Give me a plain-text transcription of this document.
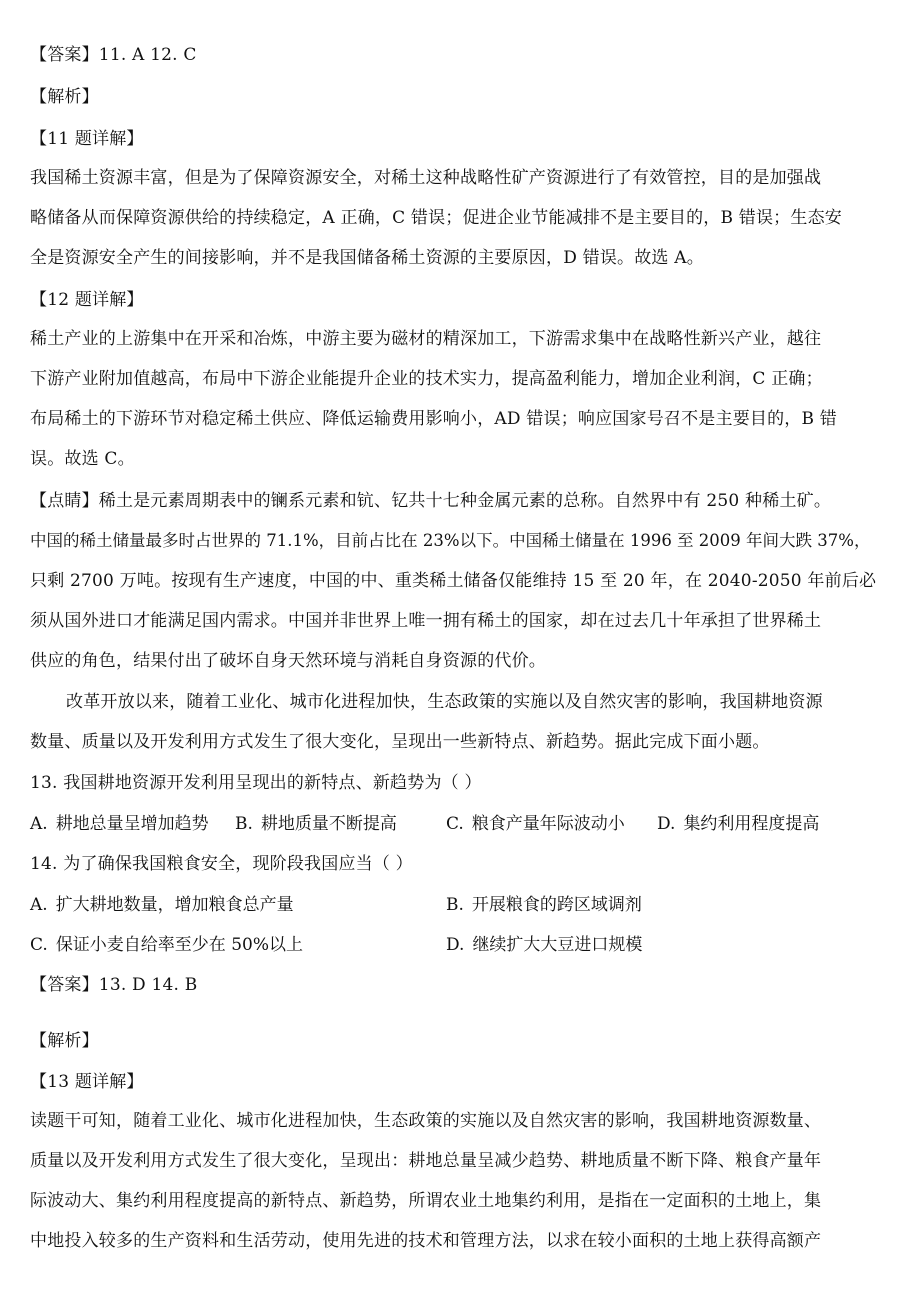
【答案】11. A 12. C
【解析】
【11 题详解】
我国稀土资源丰富，但是为了保障资源安全，对稀土这种战略性矿产资源进行了有效管控，目的是加强战
略储备从而保障资源供给的持续稳定，A 正确，C 错误；促进企业节能减排不是主要目的，B 错误；生态安
全是资源安全产生的间接影响，并不是我国储备稀土资源的主要原因，D 错误。故选 A。
【12 题详解】
稀土产业的上游集中在开采和冶炼，中游主要为磁材的精深加工，下游需求集中在战略性新兴产业，越往
下游产业附加值越高，布局中下游企业能提升企业的技术实力，提高盈利能力，增加企业利润，C 正确；
布局稀土的下游环节对稳定稀土供应、降低运输费用影响小，AD 错误；响应国家号召不是主要目的，B 错
误。故选 C。
【点睛】稀土是元素周期表中的镧系元素和钪、钇共十七种金属元素的总称。自然界中有 250 种稀土矿。
中国的稀土储量最多时占世界的 71.1%，目前占比在 23%以下。中国稀土储量在 1996 至 2009 年间大跌 37%，
只剩 2700 万吨。按现有生产速度，中国的中、重类稀土储备仅能维持 15 至 20 年，在 2040-2050 年前后必
须从国外进口才能满足国内需求。中国并非世界上唯一拥有稀土的国家，却在过去几十年承担了世界稀土
供应的角色，结果付出了破坏自身天然环境与消耗自身资源的代价。
改革开放以来，随着工业化、城市化进程加快，生态政策的实施以及自然灾害的影响，我国耕地资源
数量、质量以及开发利用方式发生了很大变化，呈现出一些新特点、新趋势。据此完成下面小题。
13. 我国耕地资源开发利用呈现出的新特点、新趋势为（ ）
A. 耕地总量呈增加趋势 B. 耕地质量不断提高	C. 粮食产量年际波动小 D. 集约利用程度提高
14. 为了确保我国粮食安全，现阶段我国应当（ ）
A. 扩大耕地数量，增加粮食总产量	B. 开展粮食的跨区域调剂
C. 保证小麦自给率至少在 50%以上	D. 继续扩大大豆进口规模
【答案】13. D 14. B
【解析】
【13 题详解】
读题干可知，随着工业化、城市化进程加快，生态政策的实施以及自然灾害的影响，我国耕地资源数量、
质量以及开发利用方式发生了很大变化，呈现出：耕地总量呈减少趋势、耕地质量不断下降、粮食产量年
际波动大、集约利用程度提高的新特点、新趋势，所谓农业土地集约利用，是指在一定面积的土地上，集
中地投入较多的生产资料和生活劳动，使用先进的技术和管理方法，以求在较小面积的土地上获得高额产
